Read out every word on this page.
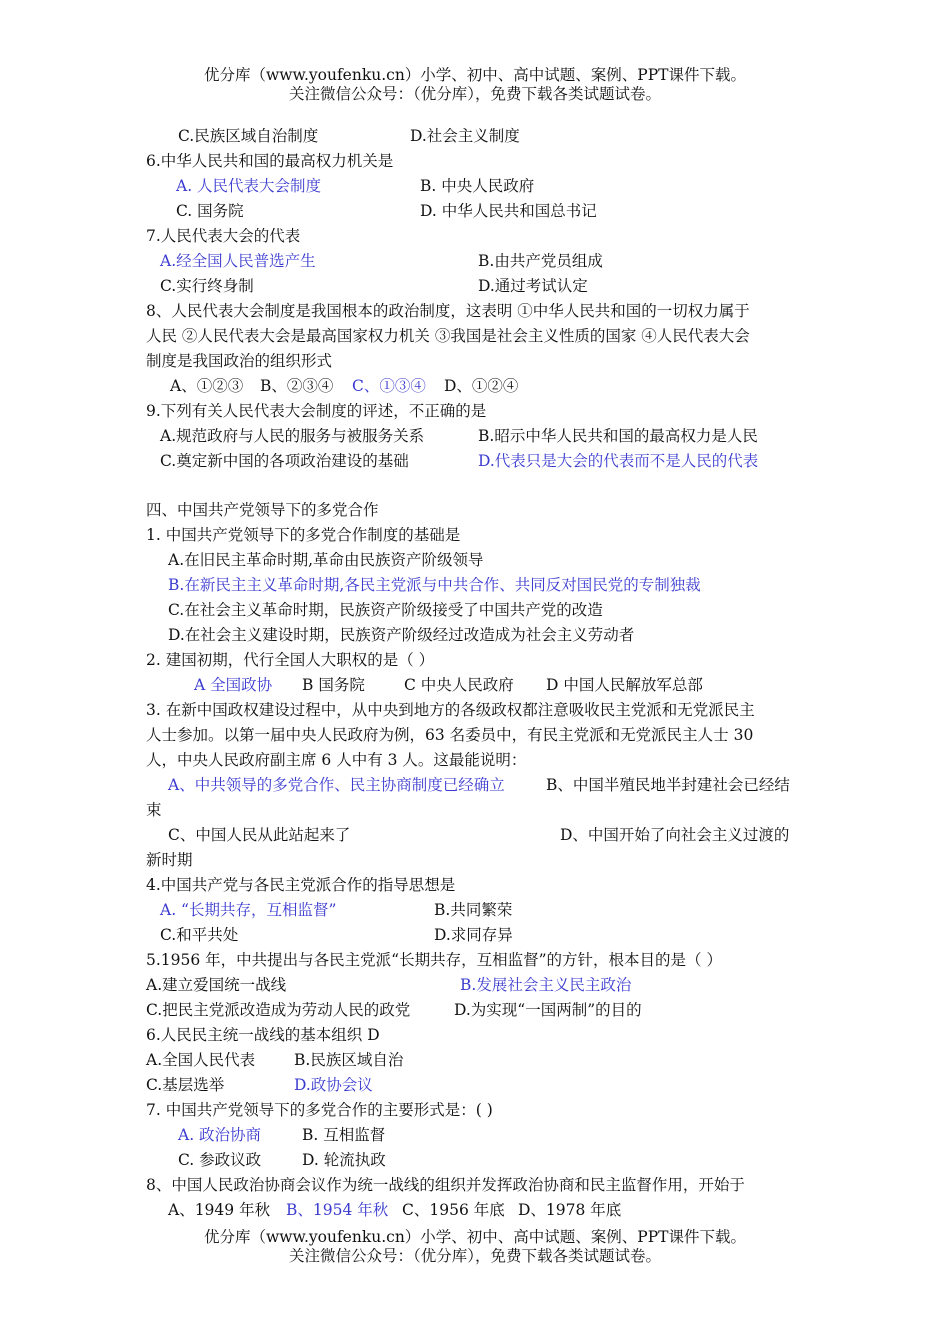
优分库（www.youfenku.cn）小学、初中、高中试题、案例、PPT课件下载。
关注微信公众号：（优分库），免费下载各类试题试卷。
C.民族区域自治制度	D.社会主义制度
6.中华人民共和国的最高权力机关是
A. 人民代表大会制度	B. 中央人民政府
C. 国务院	D. 中华人民共和国总书记
7.人民代表大会的代表
A.经全国人民普选产生	B.由共产党员组成
C.实行终身制	D.通过考试认定
8、人民代表大会制度是我国根本的政治制度，这表明 ①中华人民共和国的一切权力属于
人民 ②人民代表大会是最高国家权力机关 ③我国是社会主义性质的国家 ④人民代表大会
制度是我国政治的组织形式
A、①②③ B、②③④ C、①③④ D、①②④
9.下列有关人民代表大会制度的评述，不正确的是
A.规范政府与人民的服务与被服务关系	B.昭示中华人民共和国的最高权力是人民
C.奠定新中国的各项政治建设的基础	D.代表只是大会的代表而不是人民的代表
四、中国共产党领导下的多党合作
1. 中国共产党领导下的多党合作制度的基础是
A.在旧民主革命时期,革命由民族资产阶级领导
B.在新民主主义革命时期,各民主党派与中共合作、共同反对国民党的专制独裁
C.在社会主义革命时期，民族资产阶级接受了中国共产党的改造
D.在社会主义建设时期，民族资产阶级经过改造成为社会主义劳动者
2. 建国初期，代行全国人大职权的是（ ）
A 全国政协 B 国务院	C 中央人民政府 D 中国人民解放军总部
3. 在新中国政权建设过程中，从中央到地方的各级政权都注意吸收民主党派和无党派民主
人士参加。以第一届中央人民政府为例，63 名委员中，有民主党派和无党派民主人士 30
人，中央人民政府副主席 6 人中有 3 人。这最能说明：
A、中共领导的多党合作、民主协商制度已经确立	B、中国半殖民地半封建社会已经结
束
C、中国人民从此站起来了	D、中国开始了向社会主义过渡的
新时期
4.中国共产党与各民主党派合作的指导思想是
A. “长期共存，互相监督”	B.共同繁荣
C.和平共处	D.求同存异
5.1956 年，中共提出与各民主党派“长期共存，互相监督”的方针，根本目的是（ ）
A.建立爱国统一战线	B.发展社会主义民主政治
C.把民主党派改造成为劳动人民的政党	D.为实现“一国两制”的目的
6.人民民主统一战线的基本组织 D
A.全国人民代表	B.民族区域自治
C.基层选举	D.政协会议
7. 中国共产党领导下的多党合作的主要形式是：( )
A. 政治协商	B. 互相监督
C. 参政议政	D. 轮流执政
8、中国人民政治协商会议作为统一战线的组织并发挥政治协商和民主监督作用，开始于
A、1949 年秋 B、1954 年秋 C、1956 年底 D、1978 年底
优分库（www.youfenku.cn）小学、初中、高中试题、案例、PPT课件下载。
关注微信公众号：（优分库），免费下载各类试题试卷。
